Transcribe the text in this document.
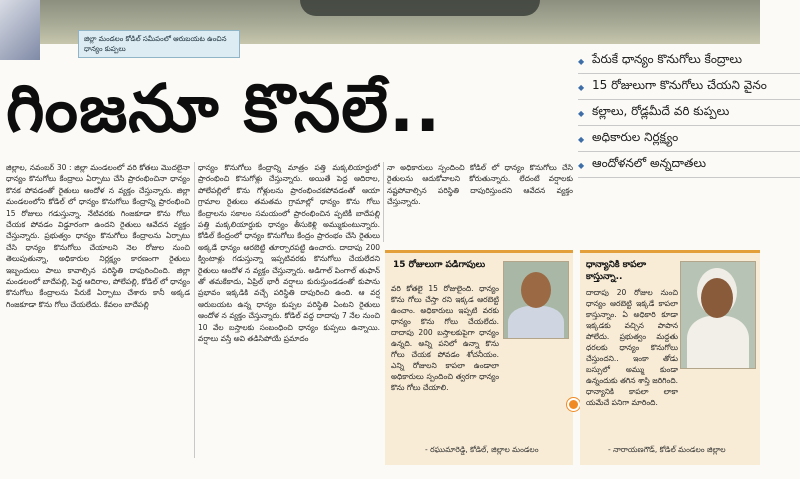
జిల్లా మండలం కోడిల్ సమీపంలో ఆరుబయట ఉంచిన ధాన్యం కుప్పలు
గింజనూ కొనలే..
◆ పేరుకే ధాన్యం కొనుగోలు కేంద్రాలు
◆ 15 రోజులుగా కొనుగోలు చేయని వైనం
◆ కల్లాలు, రోడ్లమీదే వరి కుప్పలు
◆ అధికారుల నిర్లక్ష్యం
◆ ఆందోళనలో అన్నదాతలు

జిల్లాల, నవంబర్ 30 : జిల్లా మండలంలో వరి కోతలు మొదలైనా ధాన్యం కొనుగోలు కేంద్రాలు ఏర్పాటు చేసి ప్రారంభించినా ధాన్యం కొనక పోవడంతో రైతులు ఆందోళ న వ్యక్తం చేస్తున్నారు. జిల్లా మండలంలోని కోడిల్ లో ధాన్యం కొనుగోలు కేంద్రాన్ని ప్రారంభించి 15 రోజులు గడుస్తున్నా. నేటివరకు గింజకూడా కొను గోలు చేయక పోవడం విడ్డూరంగా ఉందని రైతులు ఆవేదన వ్యక్తం చేస్తున్నారు. ప్రభుత్వం ధాన్యం కొనుగోలు కేంద్రాలను ఏర్పాటు చేసి ధాన్యం కొనుగోలు చేయాలని నెల రోజుల నుంచి తెలుపుతున్నా, అధికారుల నిర్లక్ష్యం కారణంగా రైతులు ఇబ్బందులు పాలు కావాల్సిన పరిస్థితి దాపురించింది. జిల్లా మండలంలో బాదేపల్లి, పెద్ద ఆదిరాల, పోలేపల్లి, కోడిల్ లో ధాన్యం కొనుగోలు కేంద్రాలను పేరుకే ఏర్పాటు చేశారు కానీ అక్కడ గింజకూడా కొను గోలు చేయలేదు. కేవలం బాదేపల్లి

ధాన్యం కొనుగోలు కేంద్రాన్ని మాత్రం పత్తి మక్కలియార్డులో ప్రారంభించి కొనుగోళ్లు చేస్తున్నారు. అయితే పెద్ద ఆదిరాల, పోలేపల్లిలో కొను గోళ్లులను ప్రారంభించకపోవడంతో ఆయా గ్రామాల రైతులు తమతమ గ్రామాల్లో ధాన్యం కొను గోలు కేంద్రాలను సకాలం సమయంలో ప్రారంభించిన ప్పటికీ బాదేపల్లి పత్తి మక్కలియార్డుకు ధాన్యం తీసుకెళ్లి అమ్ముకుంటున్నారు. కోడిల్ కేంద్రంలో ధాన్యం కొనుగోలు కేంద్రం ప్రారంభం చేసి రైతులు అక్కడే ధాన్యం ఆరబెట్టి తూర్పారపట్టి ఉంచారు. దాదాపు 200 క్వింటాళ్లు గడుస్తున్నా ఇప్పటివరకు కొనుగోలు చేయలేదని రైతులు ఆందోళ న వ్యక్తం చేస్తున్నారు. అడిగాల్ పింగాల్ తుఫాన్ తో తమకేకాదు, ఏప్రిల్ భారీ వర్షాలు కురుస్తుండడంతో కుపాను ప్రభావం ఇక్కడికి వచ్చే పరిస్థితి దాపురించి ఉంది. ఆ వర్ష ఆరుబయట ఉన్న ధాన్యం కుప్పల పరిస్థితి ఏంటని రైతులు ఆందోళ న వ్యక్తం చేస్తున్నారు. కోడిల్ వద్ద దాదాపు 7 నేల నుంచి 10 వేల బస్తాలకు సంబంధించి ధాన్యం కుప్పలు ఉన్నాయి. వర్షాలు వస్తే అవి తడిసిపోయే ప్రమాదం

నా అధికారులు స్పందించి కోడిల్ లో ధాన్యం కొనుగోలు చేసి రైతులను ఆదుకోవాలని కోరుతున్నారు. లేదంటే వర్షాలకు నష్టపోవాల్సిన పరిస్థితి దాపురిస్తుందని ఆవేదన వ్యక్తం చేస్తున్నారు.

15 రోజులుగా పడిగాపులు
వరి కోతలై 15 రోజులైంది. ధాన్యం కొను గోలు చేస్తా రని ఇక్కడ ఆరబెట్టి ఉంచాం. అధికారులు ఇప్పటి వరకు ధాన్యం కొను గోలు చేయలేదు. దాదాపు 200 బస్తాలకుపైగా ధాన్యం ఉన్నది. అన్ని పనిలో ఉన్నా కొను గోలు చేయక పోవడం శోచనీయం. ఎన్ని రోజులని కాపలా ఉండాలా అధికారులు స్పందించి త్వరగా ధాన్యం కొను గోలు చేయాలి.
- రఘుమారెడ్డి, కోడిల్, జిల్లాల మండలం
ధాన్యానికి కాపలా కాస్తున్నా..
దాదాపు 20 రోజుల నుంచి ధాన్యం ఆరబెట్టి ఇక్కడే కాపలా కాస్తున్నాం. ఏ అధికారి కూడా ఇక్కడకు వచ్చిన పాపాన పోలేదు. ప్రభుత్వం మద్దతు ధరలకు ధాన్యం కొనుగోలు చేస్తుందని.. ఇంకా తోడు బస్సులో అమ్ము కుండా ఉన్నందుకు తగిన శాస్తి జరిగింది. ధాన్యానికి కాపలా లాకా యమేచే పనిగా మారింది.
- నారాయణగౌడ్, కోడిల్ మండలం జిల్లాల
